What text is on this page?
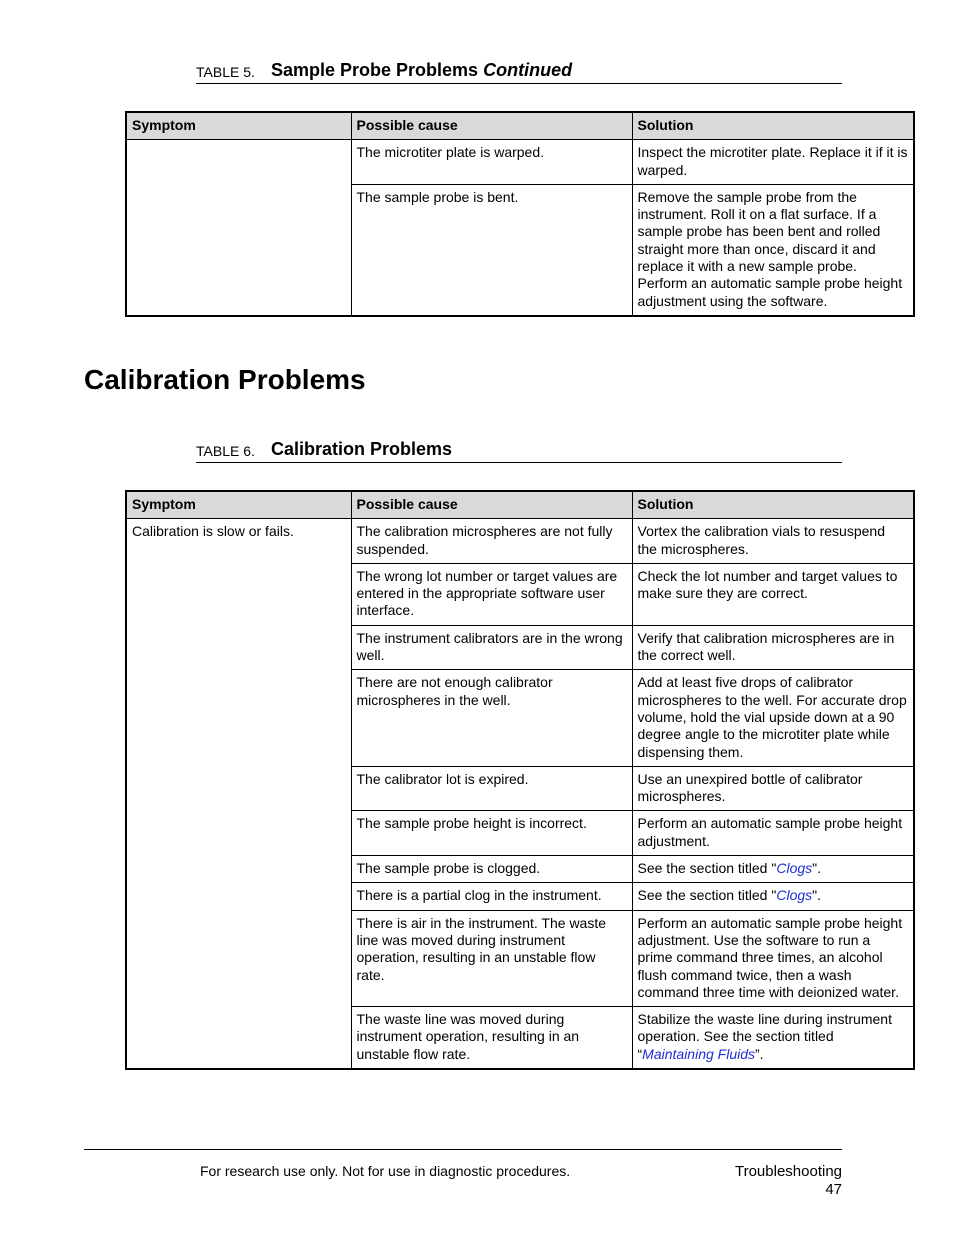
TABLE 5. Sample Probe Problems Continued
Symptom	Possible cause	Solution
	The microtiter plate is warped.	Inspect the microtiter plate. Replace it if it is warped.
	The sample probe is bent.	Remove the sample probe from the instrument. Roll it on a flat surface. If a sample probe has been bent and rolled straight more than once, discard it and replace it with a new sample probe. Perform an automatic sample probe height adjustment using the software.
Calibration Problems
TABLE 6. Calibration Problems
Symptom	Possible cause	Solution
Calibration is slow or fails.	The calibration microspheres are not fully suspended.	Vortex the calibration vials to resuspend the microspheres.
	The wrong lot number or target values are entered in the appropriate software user interface.	Check the lot number and target values to make sure they are correct.
	The instrument calibrators are in the wrong well.	Verify that calibration microspheres are in the correct well.
	There are not enough calibrator microspheres in the well.	Add at least five drops of calibrator microspheres to the well. For accurate drop volume, hold the vial upside down at a 90 degree angle to the microtiter plate while dispensing them.
	The calibrator lot is expired.	Use an unexpired bottle of calibrator microspheres.
	The sample probe height is incorrect.	Perform an automatic sample probe height adjustment.
	The sample probe is clogged.	See the section titled "Clogs".
	There is a partial clog in the instrument.	See the section titled "Clogs".
	There is air in the instrument. The waste line was moved during instrument operation, resulting in an unstable flow rate.	Perform an automatic sample probe height adjustment. Use the software to run a prime command three times, an alcohol flush command twice, then a wash command three time with deionized water.
	The waste line was moved during instrument operation, resulting in an unstable flow rate.	Stabilize the waste line during instrument operation. See the section titled “Maintaining Fluids”.
For research use only. Not for use in diagnostic procedures.	Troubleshooting
47
